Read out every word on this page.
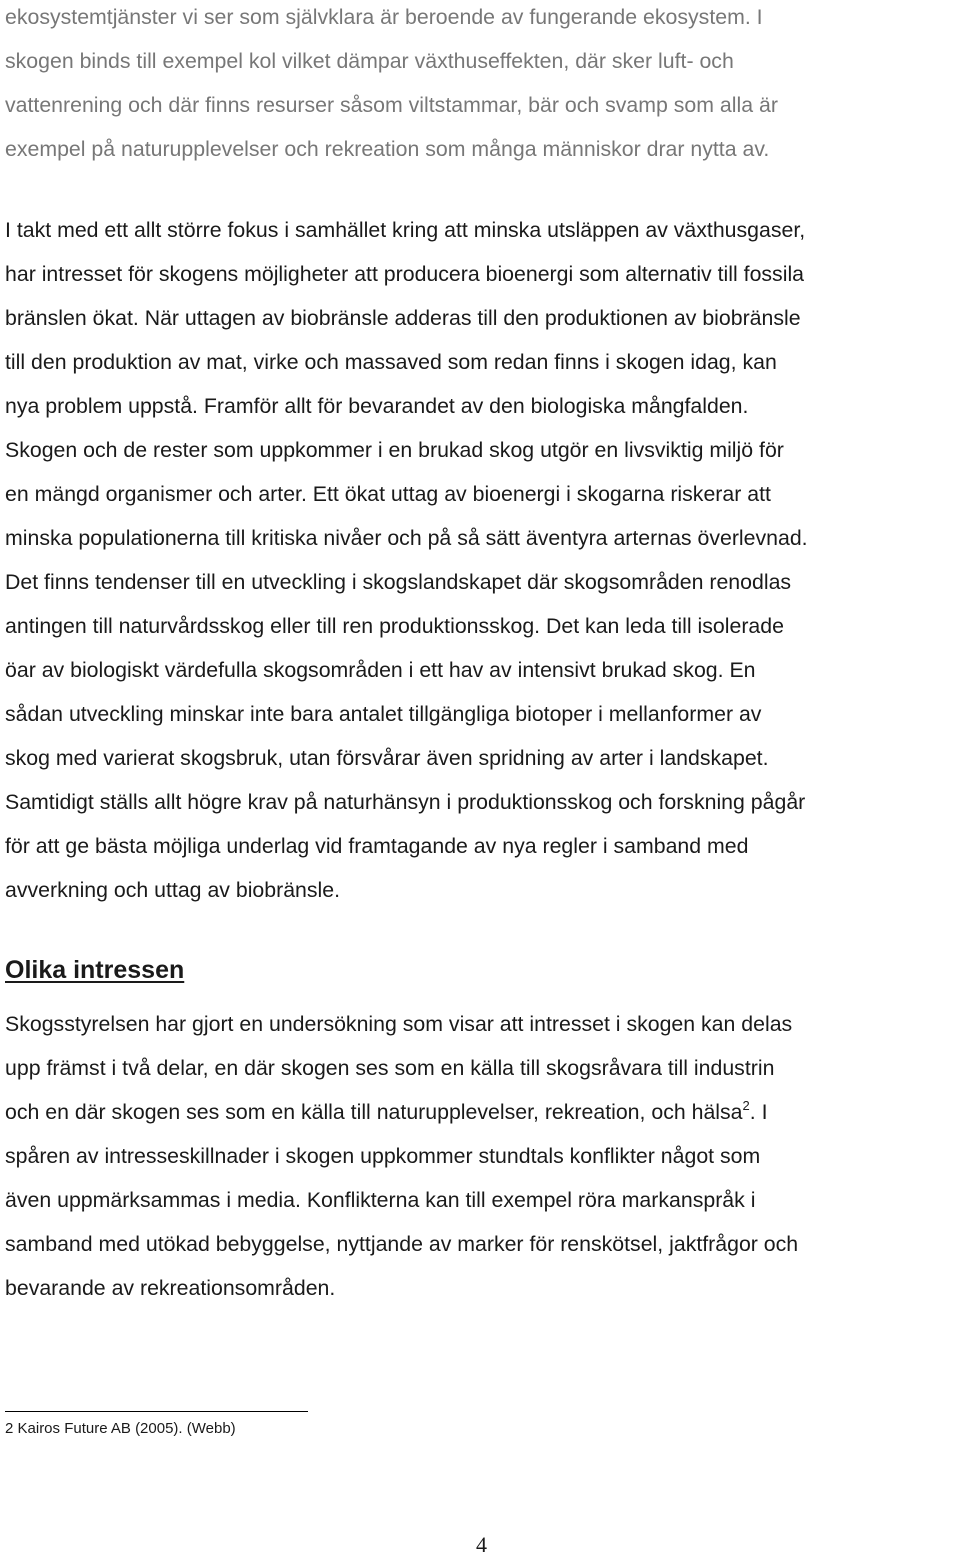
ekosystemtjänster vi ser som självklara är beroende av fungerande ekosystem. I
skogen binds till exempel kol vilket dämpar växthuseffekten, där sker luft- och
vattenrening och där finns resurser såsom viltstammar, bär och svamp som alla är
exempel på naturupplevelser och rekreation som många människor drar nytta av.

I takt med ett allt större fokus i samhället kring att minska utsläppen av växthusgaser,
har intresset för skogens möjligheter att producera bioenergi som alternativ till fossila
bränslen ökat. När uttagen av biobränsle adderas till den produktionen av biobränsle
till den produktion av mat, virke och massaved som redan finns i skogen idag, kan
nya problem uppstå. Framför allt för bevarandet av den biologiska mångfalden.
Skogen och de rester som uppkommer i en brukad skog utgör en livsviktig miljö för
en mängd organismer och arter. Ett ökat uttag av bioenergi i skogarna riskerar att
minska populationerna till kritiska nivåer och på så sätt äventyra arternas överlevnad.
Det finns tendenser till en utveckling i skogslandskapet där skogsområden renodlas
antingen till naturvårdsskog eller till ren produktionsskog. Det kan leda till isolerade
öar av biologiskt värdefulla skogsområden i ett hav av intensivt brukad skog. En
sådan utveckling minskar inte bara antalet tillgängliga biotoper i mellanformer av
skog med varierat skogsbruk, utan försvårar även spridning av arter i landskapet.
Samtidigt ställs allt högre krav på naturhänsyn i produktionsskog och forskning pågår
för att ge bästa möjliga underlag vid framtagande av nya regler i samband med
avverkning och uttag av biobränsle.

Olika intressen

Skogsstyrelsen har gjort en undersökning som visar att intresset i skogen kan delas
upp främst i två delar, en där skogen ses som en källa till skogsråvara till industrin
och en där skogen ses som en källa till naturupplevelser, rekreation, och hälsa$^2$. I
spåren av intresseskillnader i skogen uppkommer stundtals konflikter något som
även uppmärksammas i media. Konflikterna kan till exempel röra markanspråk i
samband med utökad bebyggelse, nyttjande av marker för renskötsel, jaktfrågor och
bevarande av rekreationsområden.

2 Kairos Future AB (2005). (Webb)

4
